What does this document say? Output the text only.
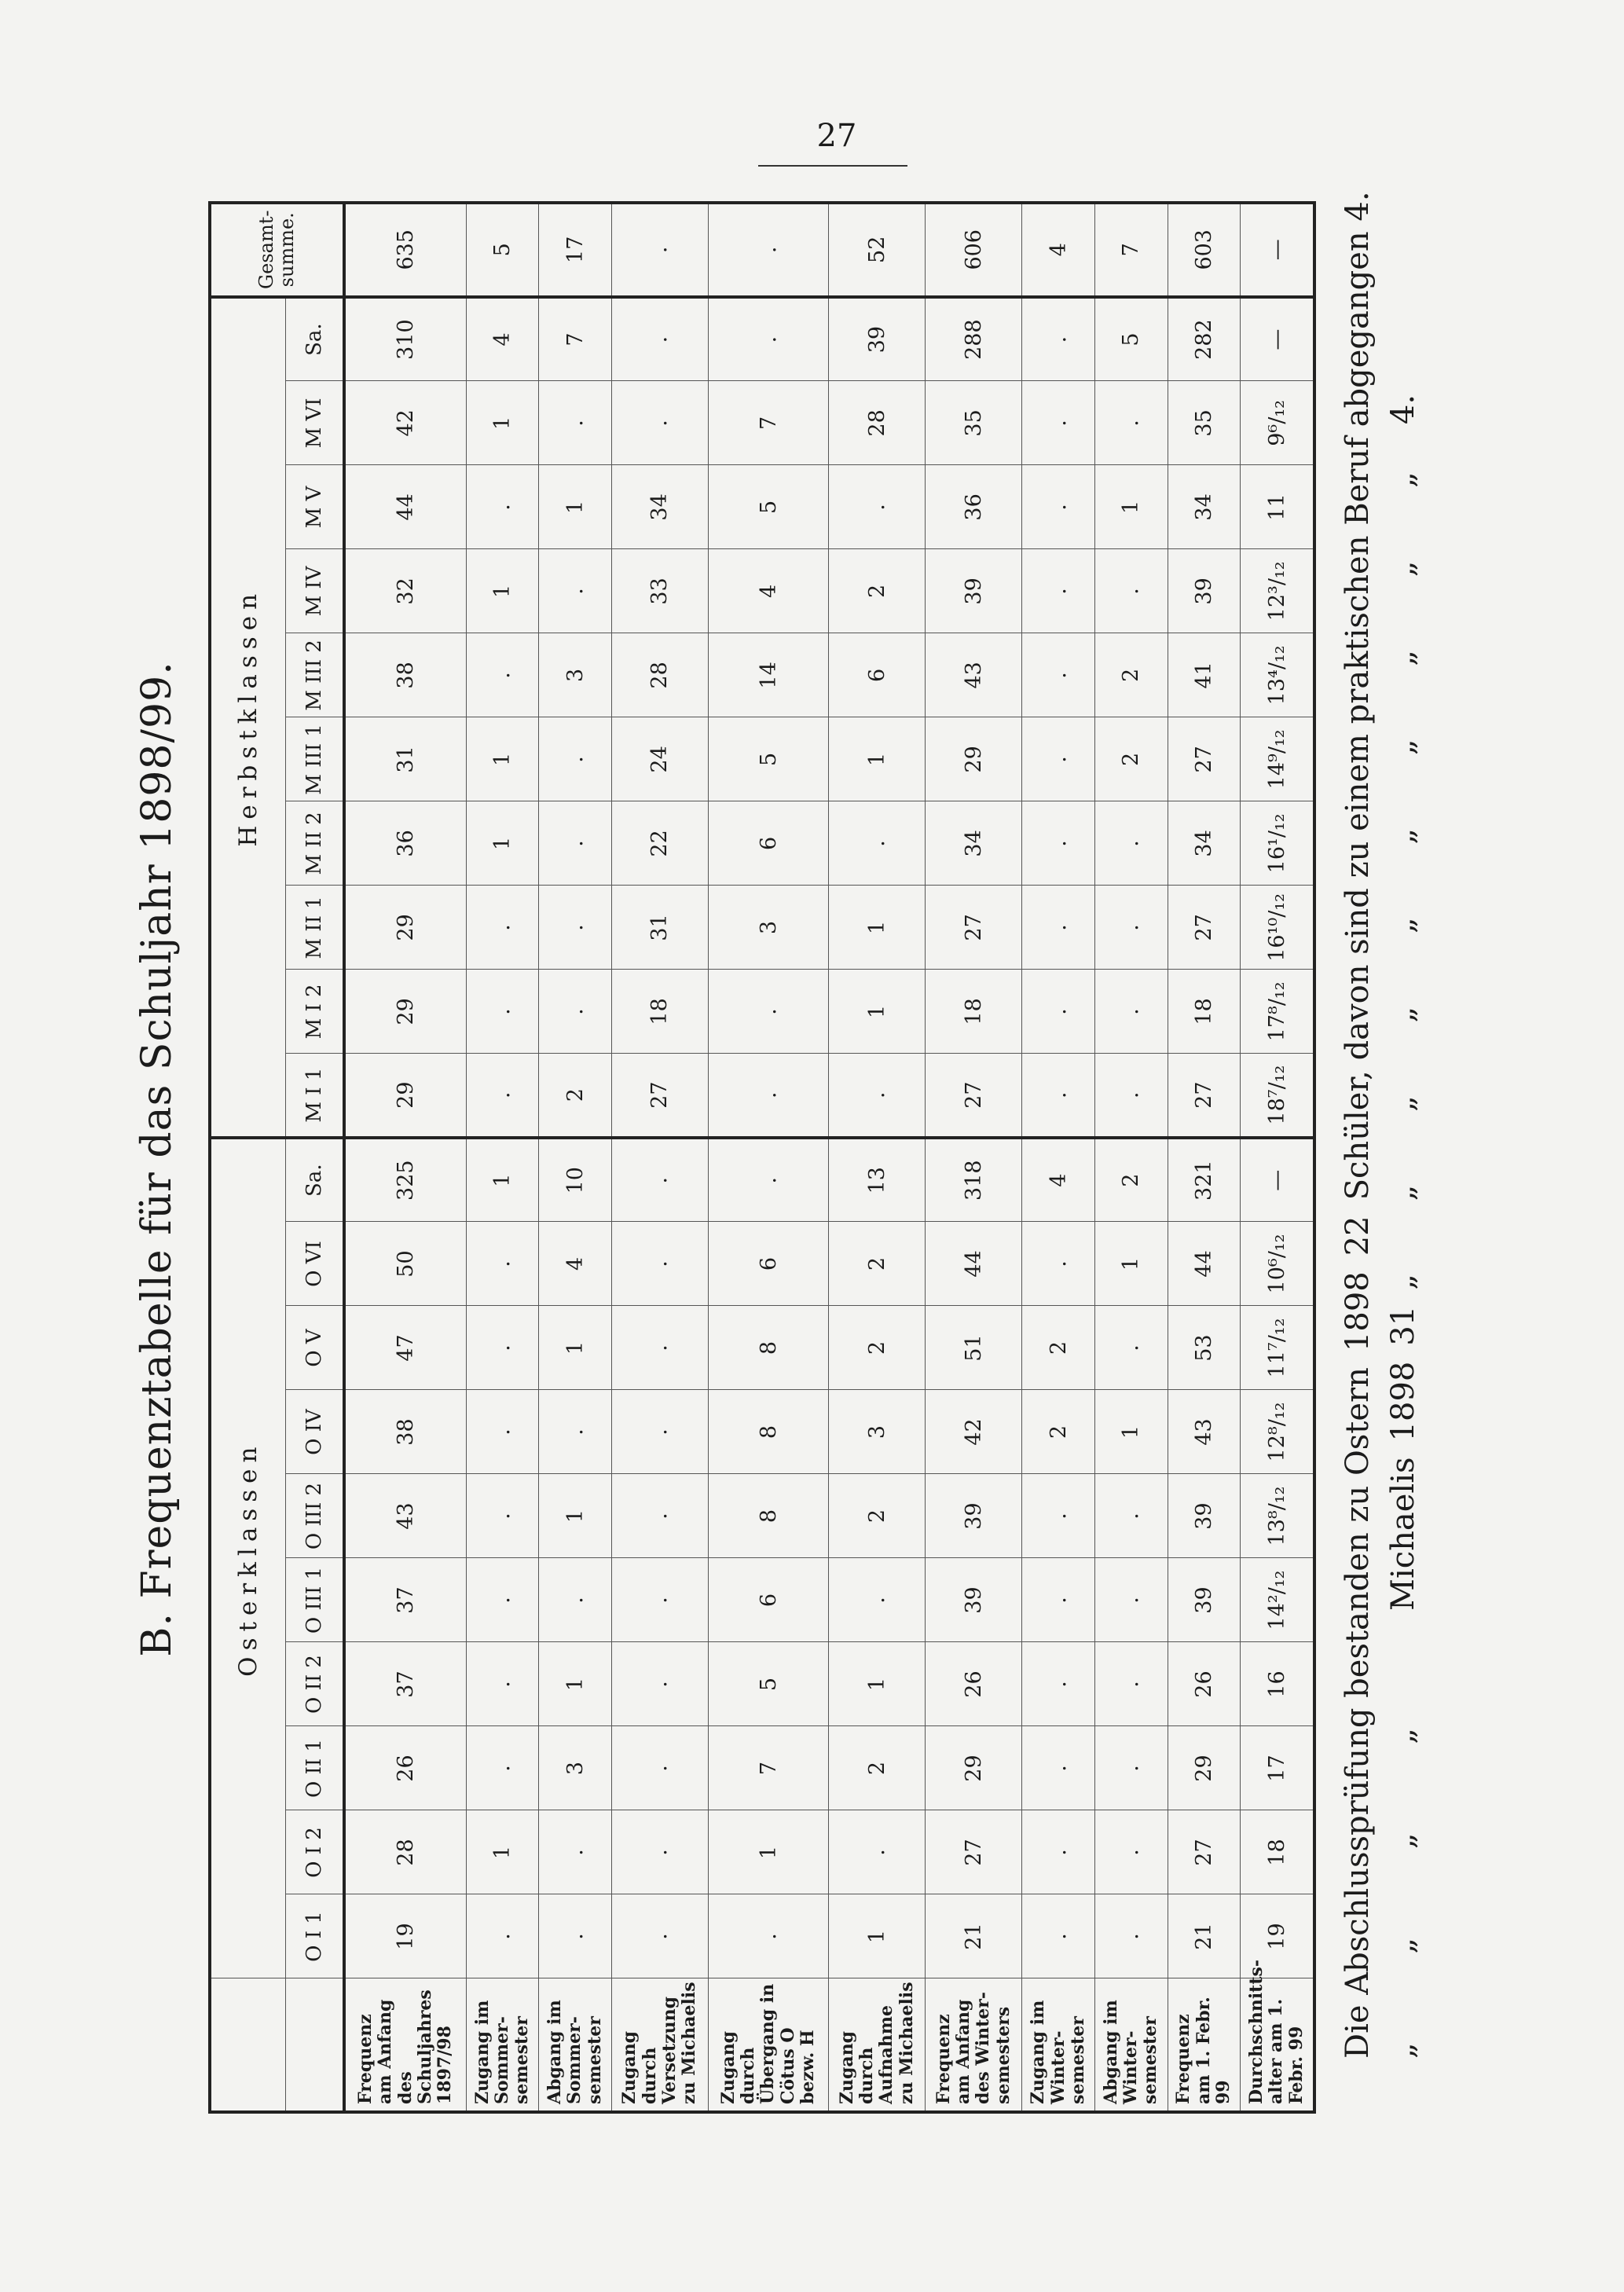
27
B. Frequenztabelle für das Schuljahr 1898/99.
	Osterklassen										Herbstklassen										Gesamt-summe.
	O I 1	O I 2	O II 1	O II 2	O III 1	O III 2	O IV	O V	O VI	Sa.	M I 1	M I 2	M II 1	M II 2	M III 1	M III 2	M IV	M V	M VI	Sa.	
Frequenz am Anfang des Schuljahres 1897/98	19	28	26	37	37	43	38	47	50	325	29	29	29	36	31	38	32	44	42	310	635
Zugang im Sommer-semester	.	1	.	.	.	.	.	.	.	1	.	.	.	1	1	.	1	.	1	4	5
Abgang im Sommer-semester	.	.	3	1	.	1	.	1	4	10	2	.	.	.	.	3	.	1	.	7	17
Zugang durch Versetzung zu Michaelis	.	.	.	.	.	.	.	.	.	.	27	18	31	22	24	28	33	34	.	.	.
Zugang durch Übergang in Cötus O bezw. H	.	1	7	5	6	8	8	8	6	.	.	.	3	6	5	14	4	5	7	.	.
Zugang durch Aufnahme zu Michaelis	1	.	2	1	.	2	3	2	2	13	.	1	1	.	1	6	2	.	28	39	52
Frequenz am Anfang des Winter-semesters	21	27	29	26	39	39	42	51	44	318	27	18	27	34	29	43	39	36	35	288	606
Zugang im Winter-semester	.	.	.	.	.	.	2	2	.	4	.	.	.	.	.	.	.	.	.	.	4
Abgang im Winter-semester	.	.	.	.	.	.	1	.	1	2	.	.	.	.	2	2	.	1	.	5	7
Frequenz am 1. Febr. 99	21	27	29	26	39	39	43	53	44	321	27	18	27	34	27	41	39	34	35	282	603
Durchschnitts-alter am 1. Febr. 99	19	18	17	16	14²/₁₂	13⁸/₁₂	12⁸/₁₂	11⁷/₁₂	10⁶/₁₂	—	18⁷/₁₂	17⁸/₁₂	16¹⁰/₁₂	16¹/₁₂	14⁹/₁₂	13⁴/₁₂	12³/₁₂	11	9⁶/₁₂	—	—
Die Abschlussprüfung bestanden zu Ostern
1898
22
Schüler, davon sind zu einem praktischen Beruf abgegangen 4.
„ „ „ „
Michaelis
1898
31
„ „ „ „ „ „ „ „ „ „
4.
